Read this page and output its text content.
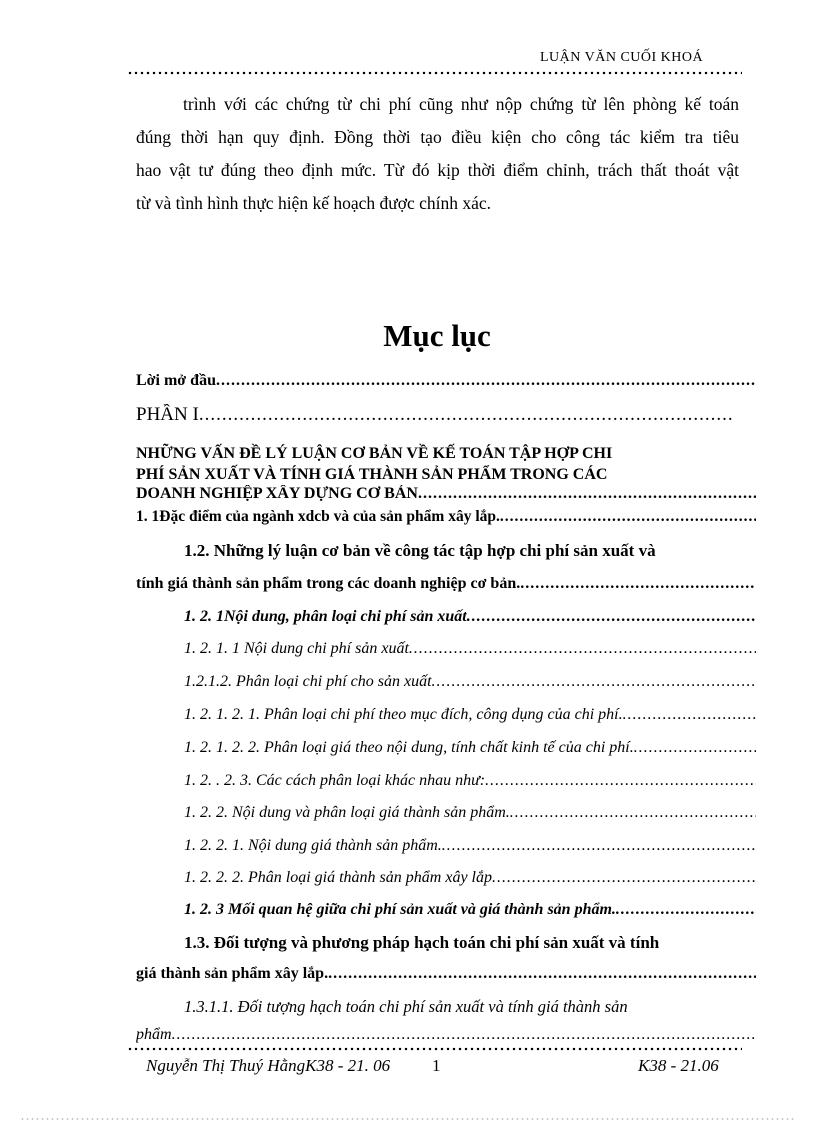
LUẬN VĂN CUỐI KHOÁ
trình với các chứng từ chi phí cũng như nộp chứng từ lên phòng kế toán
đúng thời hạn quy định. Đồng thời tạo điều kiện cho công tác kiểm tra tiêu
hao vật tư đúng theo định mức. Từ đó kịp thời điểm chỉnh, trách thất thoát vật
từ và tình hình thực hiện kế hoạch được chính xác.
Mục lục
Lời mở đầu
.....
PHẦN I
.....
NHỮNG VẤN ĐỀ LÝ LUẬN CƠ BẢN VỀ KẾ TOÁN TẬP HỢP CHI
PHÍ SẢN XUẤT VÀ TÍNH GIÁ THÀNH SẢN PHẨM TRONG CÁC
DOANH NGHIỆP XÂY DỰNG CƠ BẢN
.....
1. 1Đặc điểm của ngành xdcb và của sản phẩm xây lắp.
.....
1.2. Những lý luận cơ bản về công tác tập hợp chi phí sản xuất và
tính giá thành sản phẩm trong các doanh nghiệp cơ bản.
.....
1. 2. 1Nội dung, phân loại chi phí sản xuất
.....
1. 2. 1. 1 Nội dung chi phí sản xuất
.....
1.2.1.2. Phân loại chi phí cho sản xuất
.....
1. 2. 1. 2. 1. Phân loại chi phí theo mục đích, công dụng của chi phí.
.....
1. 2. 1. 2. 2. Phân loại giá theo nội dung, tính chất kinh tế của chi phí.
.....
1. 2. . 2. 3. Các cách phân loại khác nhau như:
.....
1. 2. 2. Nội dung và phân loại giá thành sản phẩm.
.....
1. 2. 2. 1. Nội dung giá thành sản phẩm.
.....
1. 2. 2. 2. Phân loại giá thành sản phẩm xây lắp
.....
1. 2. 3 Mối quan hệ giữa chi phí sản xuất và giá thành sản phẩm.
.....
1.3. Đối tượng và phương pháp hạch toán chi phí sản xuất và tính
giá thành sản phẩm xây lắp.
.....
1.3.1.1. Đối tượng hạch toán chi phí sản xuất và tính giá thành sản
phẩm
.....
Nguyễn Thị Thuý HằngK38 - 21. 06 1	K38 - 21.06
